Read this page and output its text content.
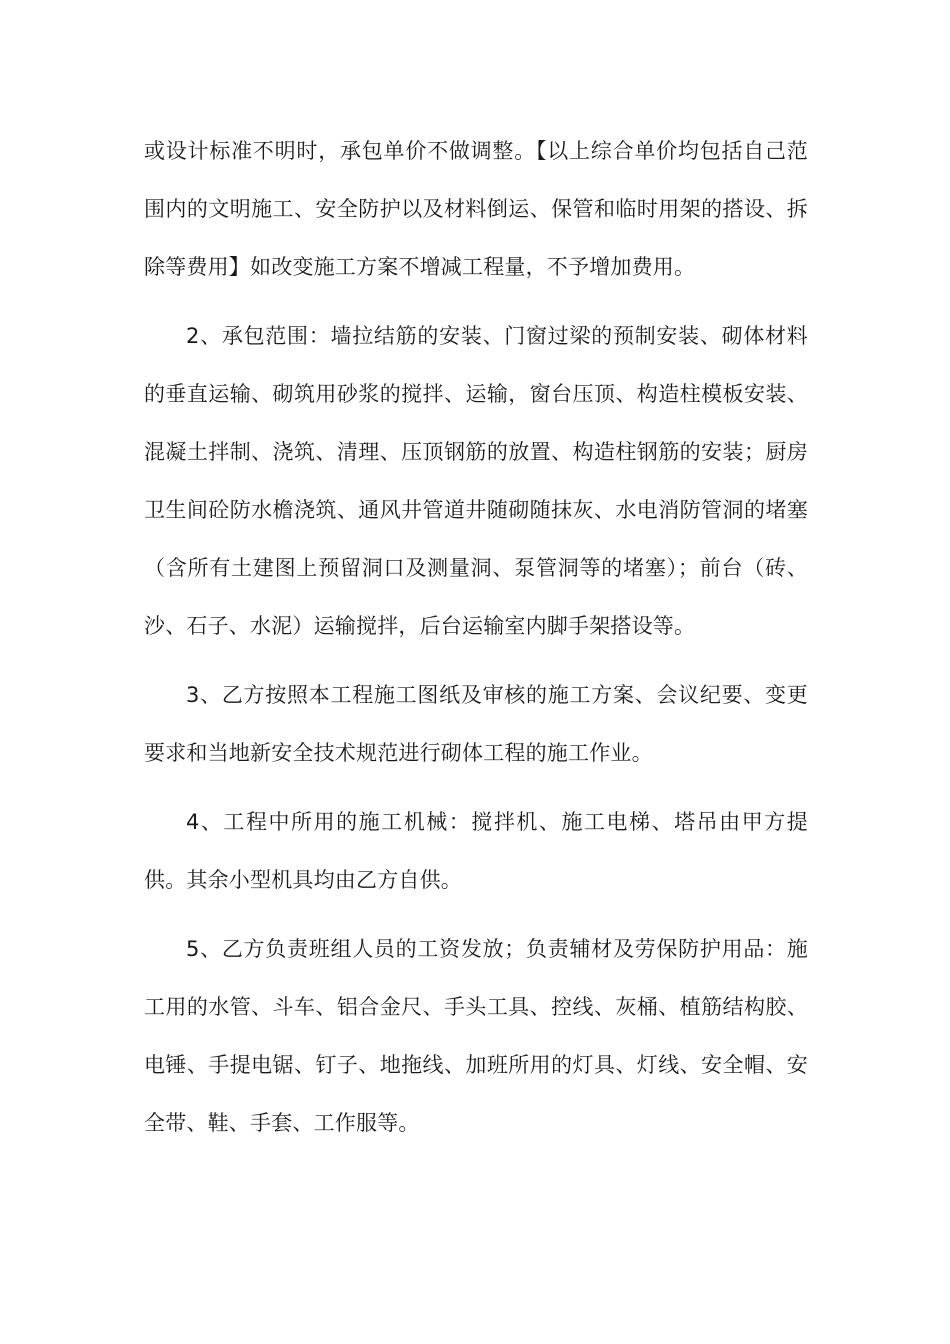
或设计标准不明时，承包单价不做调整。【以上综合单价均包括自己范围内的文明施工、安全防护以及材料倒运、保管和临时用架的搭设、拆除等费用】如改变施工方案不增减工程量，不予增加费用。

2、承包范围：墙拉结筋的安装、门窗过梁的预制安装、砌体材料的垂直运输、砌筑用砂浆的搅拌、运输，窗台压顶、构造柱模板安装、混凝土拌制、浇筑、清理、压顶钢筋的放置、构造柱钢筋的安装；厨房卫生间砼防水檐浇筑、通风井管道井随砌随抹灰、水电消防管洞的堵塞（含所有土建图上预留洞口及测量洞、泵管洞等的堵塞）；前台（砖、沙、石子、水泥）运输搅拌，后台运输室内脚手架搭设等。

3、乙方按照本工程施工图纸及审核的施工方案、会议纪要、变更要求和当地新安全技术规范进行砌体工程的施工作业。

4、工程中所用的施工机械：搅拌机、施工电梯、塔吊由甲方提供。其余小型机具均由乙方自供。

5、乙方负责班组人员的工资发放；负责辅材及劳保防护用品：施工用的水管、斗车、铝合金尺、手头工具、控线、灰桶、植筋结构胶、电锤、手提电锯、钉子、地拖线、加班所用的灯具、灯线、安全帽、安全带、鞋、手套、工作服等。
